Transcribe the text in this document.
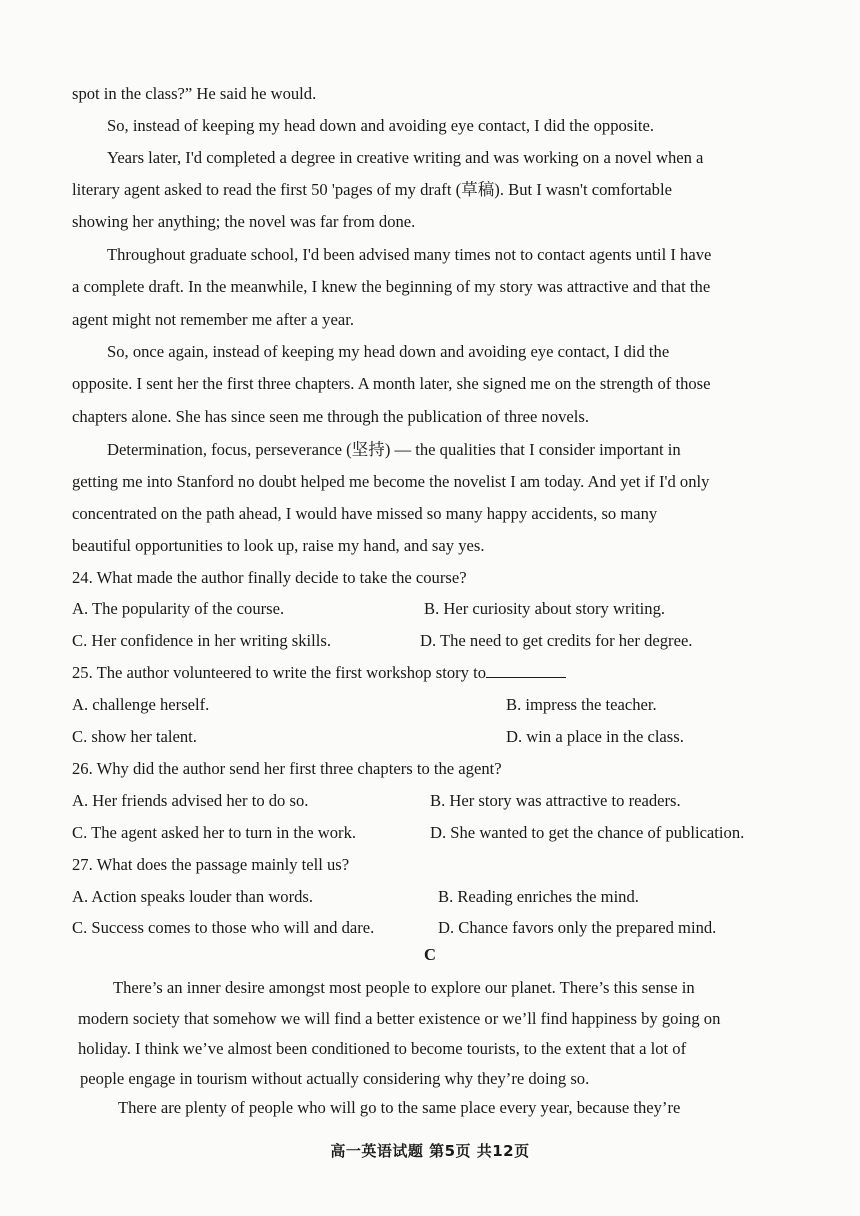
spot in the class?” He said he would.
So, instead of keeping my head down and avoiding eye contact, I did the opposite.
Years later, I'd completed a degree in creative writing and was working on a novel when a
literary agent asked to read the first 50 'pages of my draft (草稿). But I wasn't comfortable
showing her anything; the novel was far from done.
Throughout graduate school, I'd been advised many times not to contact agents until I have
a complete draft. In the meanwhile, I knew the beginning of my story was attractive and that the
agent might not remember me after a year.
So, once again, instead of keeping my head down and avoiding eye contact, I did the
opposite. I sent her the first three chapters. A month later, she signed me on the strength of those
chapters alone. She has since seen me through the publication of three novels.
Determination, focus, perseverance (坚持) — the qualities that I consider important in
getting me into Stanford no doubt helped me become the novelist I am today. And yet if I'd only
concentrated on the path ahead, I would have missed so many happy accidents, so many
beautiful opportunities to look up, raise my hand, and say yes.
24. What made the author finally decide to take the course?
A. The popularity of the course.	B. Her curiosity about story writing.
C. Her confidence in her writing skills.	D. The need to get credits for her degree.
25. The author volunteered to write the first workshop story to
A. challenge herself.	B. impress the teacher.
C. show her talent.	D. win a place in the class.
26. Why did the author send her first three chapters to the agent?
A. Her friends advised her to do so.	B. Her story was attractive to readers.
C. The agent asked her to turn in the work.	D. She wanted to get the chance of publication.
27. What does the passage mainly tell us?
A. Action speaks louder than words.	B. Reading enriches the mind.
C. Success comes to those who will and dare.	D. Chance favors only the prepared mind.
C
There’s an inner desire amongst most people to explore our planet. There’s this sense in
modern society that somehow we will find a better existence or we’ll find happiness by going on
holiday. I think we’ve almost been conditioned to become tourists, to the extent that a lot of
people engage in tourism without actually considering why they’re doing so.
There are plenty of people who will go to the same place every year, because they’re
高一英语试题 第5页 共12页
